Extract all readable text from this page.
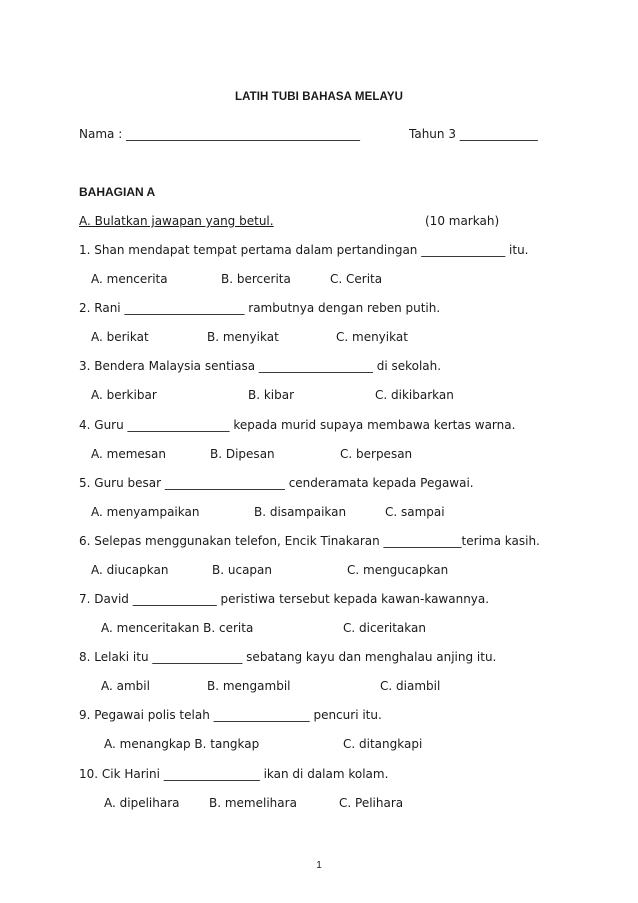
LATIH TUBI BAHASA MELAYU
Nama : _______________________________________	Tahun 3 _____________
BAHAGIAN A
A. Bulatkan jawapan yang betul.	(10 markah)
1. Shan mendapat tempat pertama dalam pertandingan ______________ itu.
A. mencerita	B. bercerita	C. Cerita
2. Rani ____________________ rambutnya dengan reben putih.
A. berikat	B. menyikat	C. menyikat
3. Bendera Malaysia sentiasa ___________________ di sekolah.
A. berkibar	B. kibar	C. dikibarkan
4. Guru _________________ kepada murid supaya membawa kertas warna.
A. memesan	B. Dipesan	C. berpesan
5. Guru besar ____________________ cenderamata kepada Pegawai.
A. menyampaikan	B. disampaikan	C. sampai
6. Selepas menggunakan telefon, Encik Tinakaran _____________terima kasih.
A. diucapkan	B. ucapan	C. mengucapkan
7. David ______________ peristiwa tersebut kepada kawan-kawannya.
A. menceritakan B. cerita	C. diceritakan
8. Lelaki itu _______________ sebatang kayu dan menghalau anjing itu.
A. ambil	B. mengambil	C. diambil
9. Pegawai polis telah ________________ pencuri itu.
A. menangkap B. tangkap	C. ditangkapi
10. Cik Harini ________________ ikan di dalam kolam.
A. dipelihara B. memelihara	C. Pelihara
1
